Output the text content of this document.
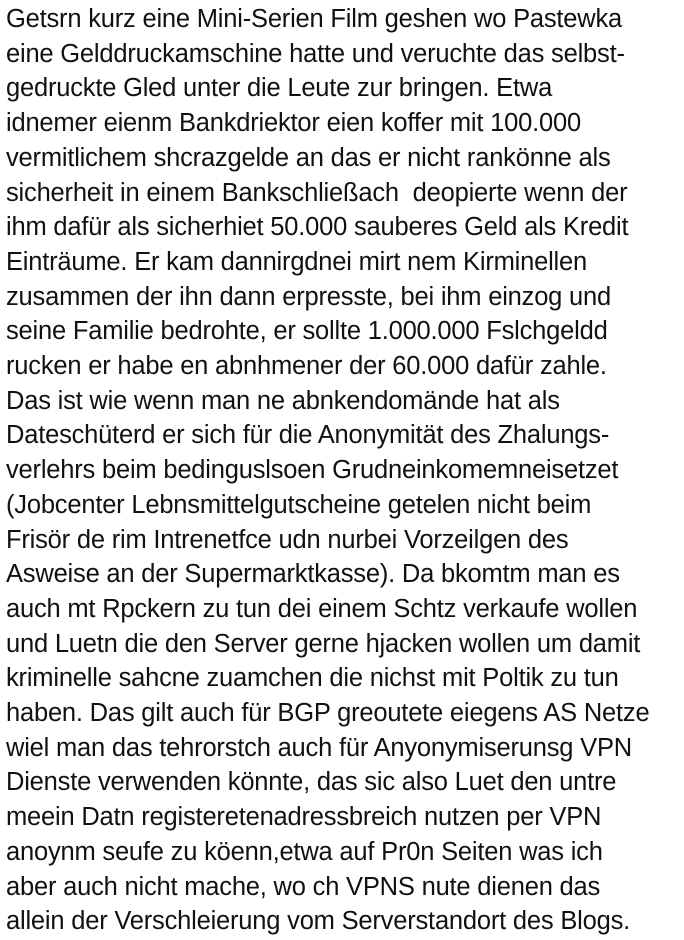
Getsrn kurz eine Mini-Serien Film geshen wo Pastewka
eine Gelddruckamschine hatte und veruchte das selbst-
gedruckte Gled unter die Leute zur bringen. Etwa
idnemer eienm Bankdriektor eien koffer mit 100.000
vermitlichem shcrazgelde an das er nicht rankönne als
sicherheit in einem Bankschließach  deopierte wenn der
ihm dafür als sicherhiet 50.000 sauberes Geld als Kredit
Einträume. Er kam dannirgdnei mirt nem Kirminellen
zusammen der ihn dann erpresste, bei ihm einzog und
seine Familie bedrohte, er sollte 1.000.000 Fslchgeldd
rucken er habe en abnhmener der 60.000 dafür zahle.
Das ist wie wenn man ne abnkendomände hat als
Dateschüterd er sich für die Anonymität des Zhalungs-
verlehrs beim bedinguslsoen Grudneinkomemneisetzet
(Jobcenter Lebnsmittelgutscheine getelen nicht beim
Frisör de rim Intrenetfce udn nurbei Vorzeilgen des
Asweise an der Supermarktkasse). Da bkomtm man es
auch mt Rpckern zu tun dei einem Schtz verkaufe wollen
und Luetn die den Server gerne hjacken wollen um damit
kriminelle sahcne zuamchen die nichst mit Poltik zu tun
haben. Das gilt auch für BGP greoutete eiegens AS Netze
wiel man das tehrorstch auch für Anyonymiserunsg VPN
Dienste verwenden könnte, das sic also Luet den untre
meein Datn registeretenadressbreich nutzen per VPN
anoynm seufe zu köenn,etwa auf Pr0n Seiten was ich
aber auch nicht mache, wo ch VPNS nute dienen das
allein der Verschleierung vom Serverstandort des Blogs.
